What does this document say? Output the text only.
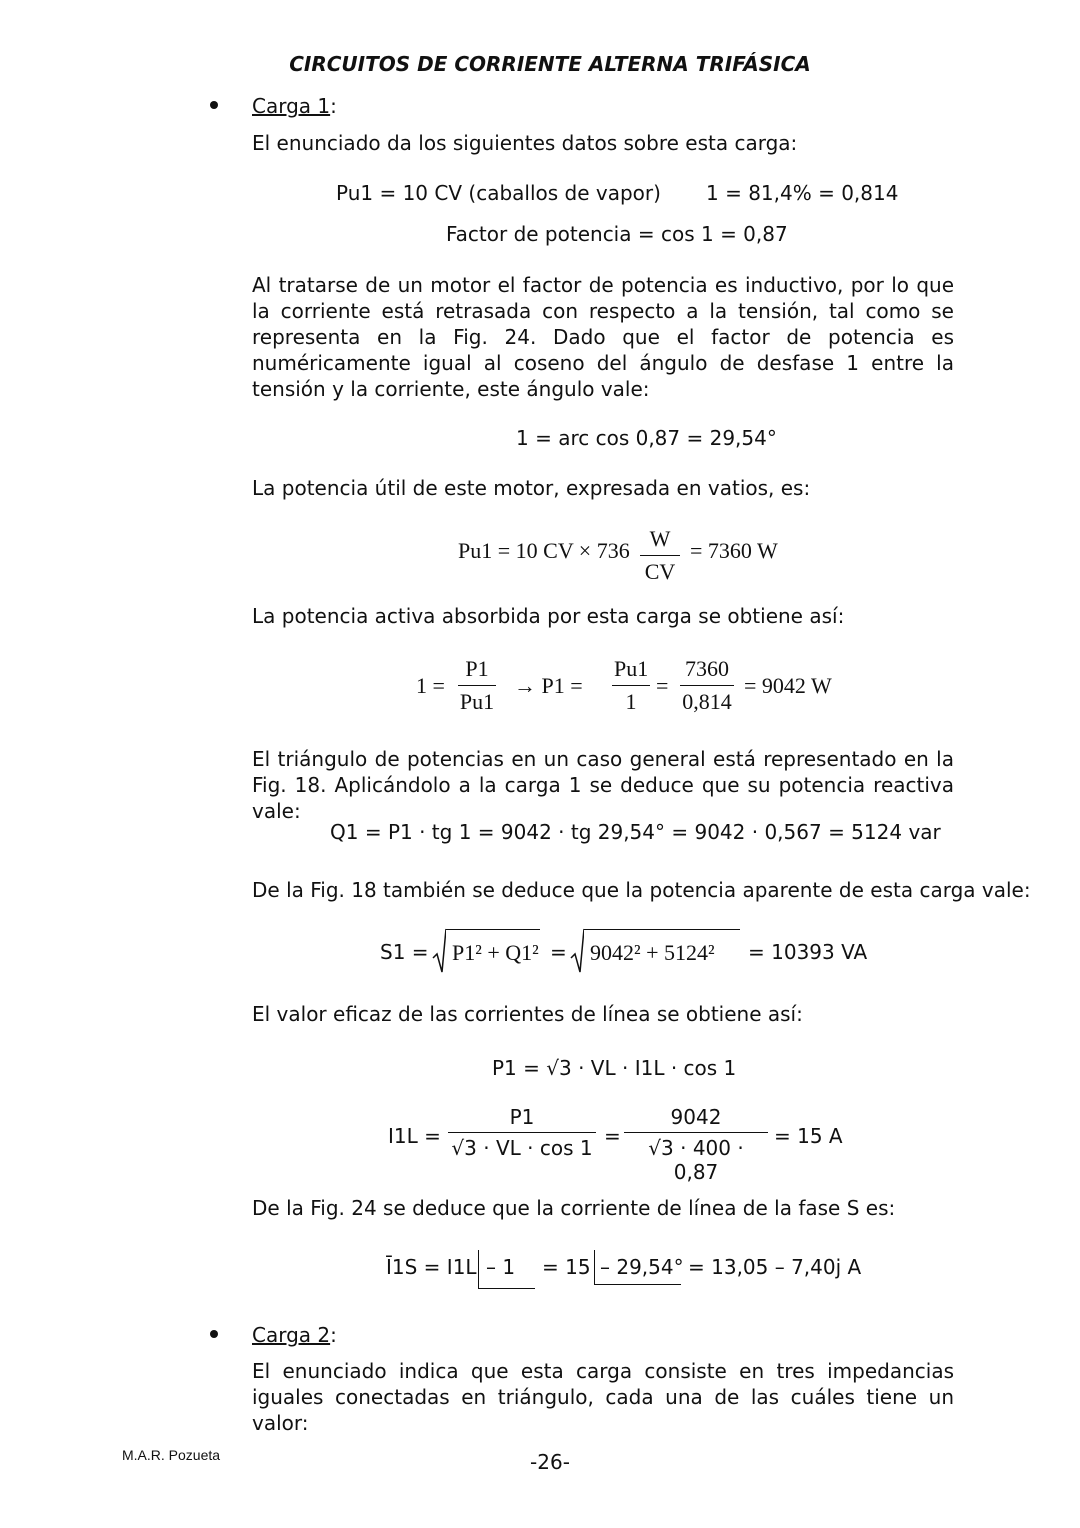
CIRCUITOS DE CORRIENTE ALTERNA TRIFÁSICA
Carga 1:
El enunciado da los siguientes datos sobre esta carga:
Pu1 = 10 CV (caballos de vapor) 1 = 81,4% = 0,814
Factor de potencia = cos 1 = 0,87
Al tratarse de un motor el factor de potencia es inductivo, por lo que la corriente está retrasada con respecto a la tensión, tal como se representa en la Fig. 24. Dado que el factor de potencia es numéricamente igual al coseno del ángulo de desfase 1 entre la tensión y la corriente, este ángulo vale:
1 = arc cos 0,87 = 29,54°
La potencia útil de este motor, expresada en vatios, es:
Pu1 = 10 CV × 736 W
CV
= 7360 W
La potencia activa absorbida por esta carga se obtiene así:
1 =
P1
Pu1
→ P1 =
Pu1
1
=
7360
0,814
= 9042 W
El triángulo de potencias en un caso general está representado en la Fig. 18. Aplicándolo a la carga 1 se deduce que su potencia reactiva vale:
Q1 = P1 · tg 1 = 9042 · tg 29,54° = 9042 · 0,567 = 5124 var
De la Fig. 18 también se deduce que la potencia aparente de esta carga vale:
S1 = P1² + Q1² = 9042² + 5124² = 10393 VA
El valor eficaz de las corrientes de línea se obtiene así:
P1 = √3 · VL · I1L · cos 1
I1L =
P1
√3 · VL · cos 1 =
9042
√3 · 400 · 0,87
= 15 A
De la Fig. 24 se deduce que la corriente de línea de la fase S es:
Ī1S = I1L – 1 = 15 – 29,54° = 13,05 – 7,40j A
Carga 2:
El enunciado indica que esta carga consiste en tres impedancias iguales conectadas en triángulo, cada una de las cuáles tiene un valor:
M.A.R. Pozueta	-26-
